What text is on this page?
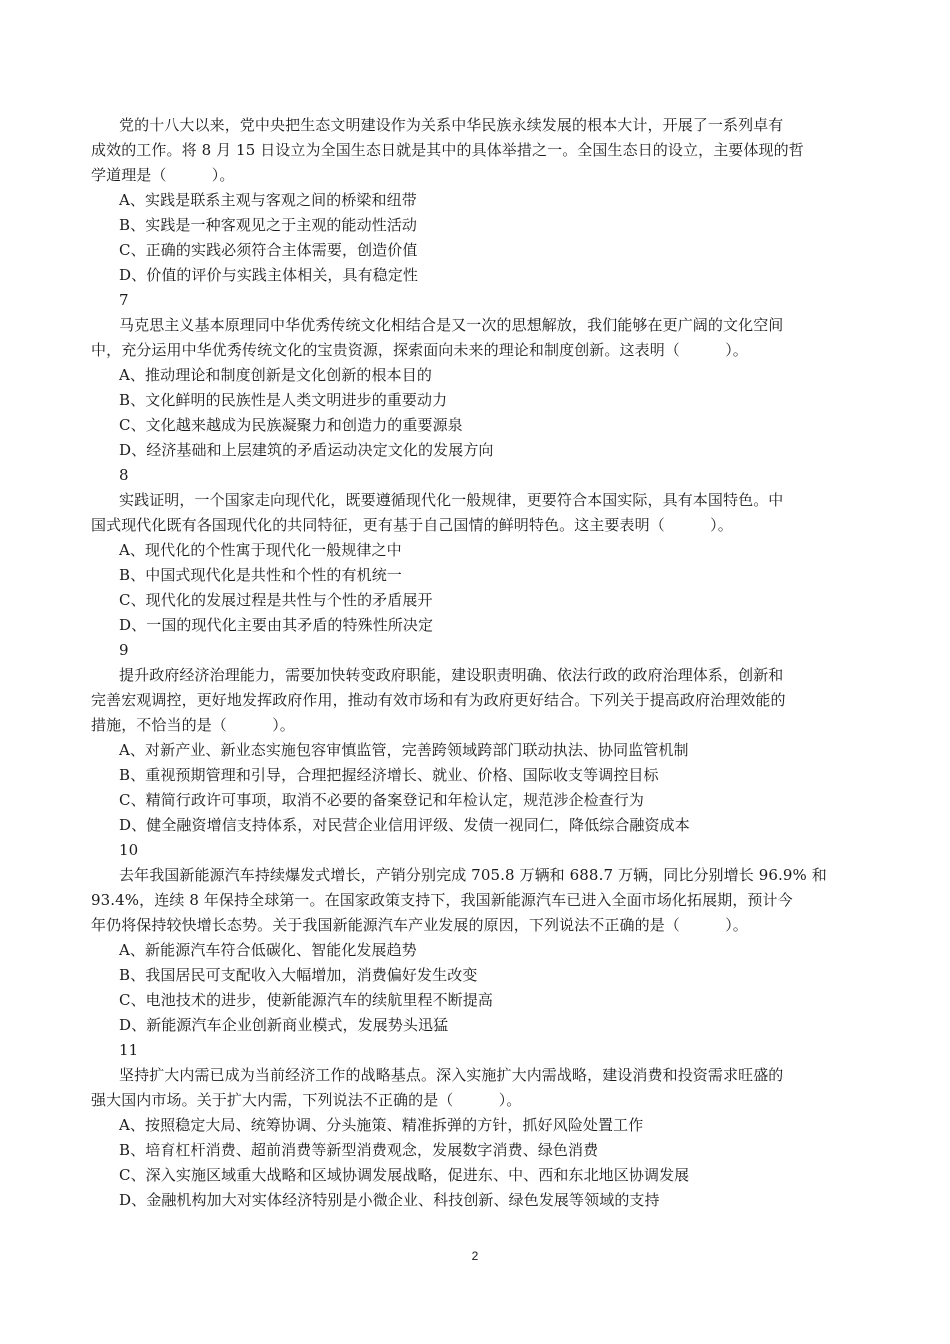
党的十八大以来，党中央把生态文明建设作为关系中华民族永续发展的根本大计，开展了一系列卓有
成效的工作。将 8 月 15 日设立为全国生态日就是其中的具体举措之一。全国生态日的设立，主要体现的哲
学道理是（　　　）。
A、实践是联系主观与客观之间的桥梁和纽带
B、实践是一种客观见之于主观的能动性活动
C、正确的实践必须符合主体需要，创造价值
D、价值的评价与实践主体相关，具有稳定性
7
马克思主义基本原理同中华优秀传统文化相结合是又一次的思想解放，我们能够在更广阔的文化空间
中，充分运用中华优秀传统文化的宝贵资源，探索面向未来的理论和制度创新。这表明（　　　）。
A、推动理论和制度创新是文化创新的根本目的
B、文化鲜明的民族性是人类文明进步的重要动力
C、文化越来越成为民族凝聚力和创造力的重要源泉
D、经济基础和上层建筑的矛盾运动决定文化的发展方向
8
实践证明，一个国家走向现代化，既要遵循现代化一般规律，更要符合本国实际，具有本国特色。中
国式现代化既有各国现代化的共同特征，更有基于自己国情的鲜明特色。这主要表明（　　　）。
A、现代化的个性寓于现代化一般规律之中
B、中国式现代化是共性和个性的有机统一
C、现代化的发展过程是共性与个性的矛盾展开
D、一国的现代化主要由其矛盾的特殊性所决定
9
提升政府经济治理能力，需要加快转变政府职能，建设职责明确、依法行政的政府治理体系，创新和
完善宏观调控，更好地发挥政府作用，推动有效市场和有为政府更好结合。下列关于提高政府治理效能的
措施，不恰当的是（　　　）。
A、对新产业、新业态实施包容审慎监管，完善跨领域跨部门联动执法、协同监管机制
B、重视预期管理和引导，合理把握经济增长、就业、价格、国际收支等调控目标
C、精简行政许可事项，取消不必要的备案登记和年检认定，规范涉企检查行为
D、健全融资增信支持体系，对民营企业信用评级、发债一视同仁，降低综合融资成本
10
去年我国新能源汽车持续爆发式增长，产销分别完成 705.8 万辆和 688.7 万辆，同比分别增长 96.9% 和
93.4%，连续 8 年保持全球第一。在国家政策支持下，我国新能源汽车已进入全面市场化拓展期，预计今
年仍将保持较快增长态势。关于我国新能源汽车产业发展的原因，下列说法不正确的是（　　　）。
A、新能源汽车符合低碳化、智能化发展趋势
B、我国居民可支配收入大幅增加，消费偏好发生改变
C、电池技术的进步，使新能源汽车的续航里程不断提高
D、新能源汽车企业创新商业模式，发展势头迅猛
11
坚持扩大内需已成为当前经济工作的战略基点。深入实施扩大内需战略，建设消费和投资需求旺盛的
强大国内市场。关于扩大内需，下列说法不正确的是（　　　）。
A、按照稳定大局、统筹协调、分头施策、精准拆弹的方针，抓好风险处置工作
B、培育杠杆消费、超前消费等新型消费观念，发展数字消费、绿色消费
C、深入实施区域重大战略和区域协调发展战略，促进东、中、西和东北地区协调发展
D、金融机构加大对实体经济特别是小微企业、科技创新、绿色发展等领域的支持
2
